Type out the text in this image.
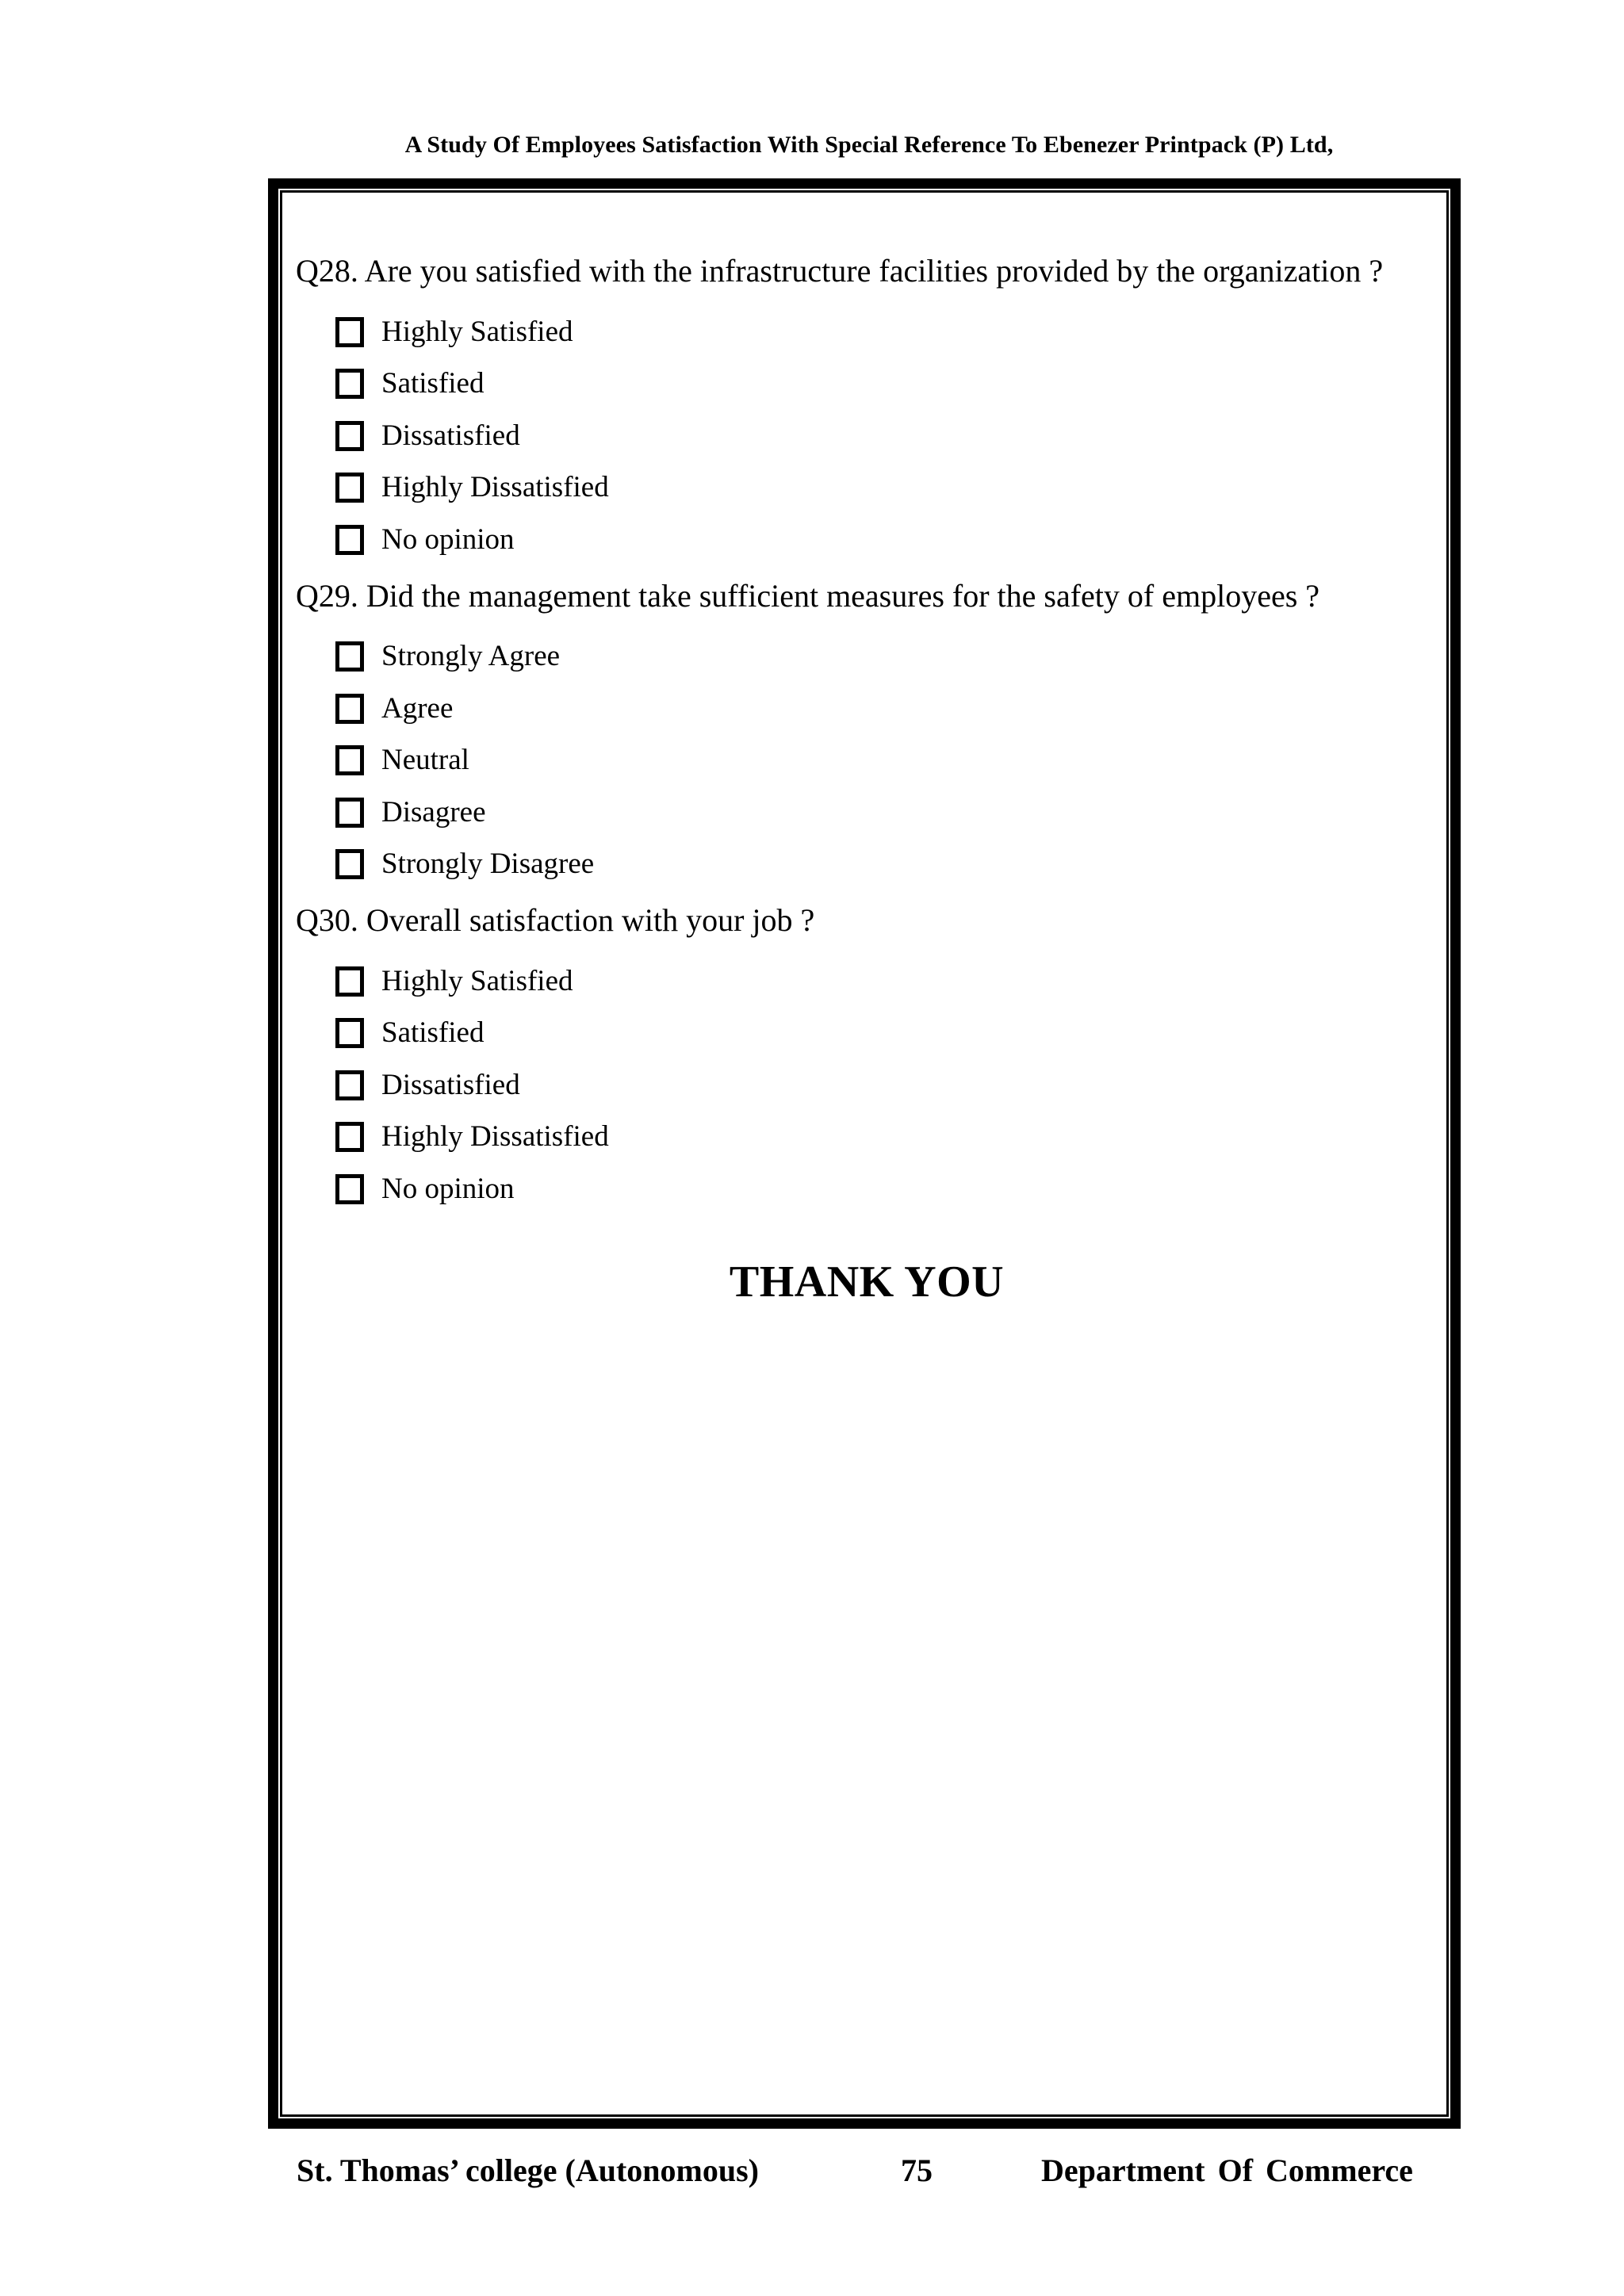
A Study Of Employees Satisfaction With Special Reference To Ebenezer Printpack (P) Ltd,
Q28. Are you satisfied with the infrastructure facilities provided by the organization ?
Highly Satisfied
Satisfied
Dissatisfied
Highly Dissatisfied
No opinion
Q29. Did the management take sufficient measures for the safety of employees ?
Strongly Agree
Agree
Neutral
Disagree
Strongly Disagree
Q30. Overall satisfaction with your job ?
Highly Satisfied
Satisfied
Dissatisfied
Highly Dissatisfied
No opinion
THANK YOU
St. Thomas’ college (Autonomous)	75	Department Of Commerce
